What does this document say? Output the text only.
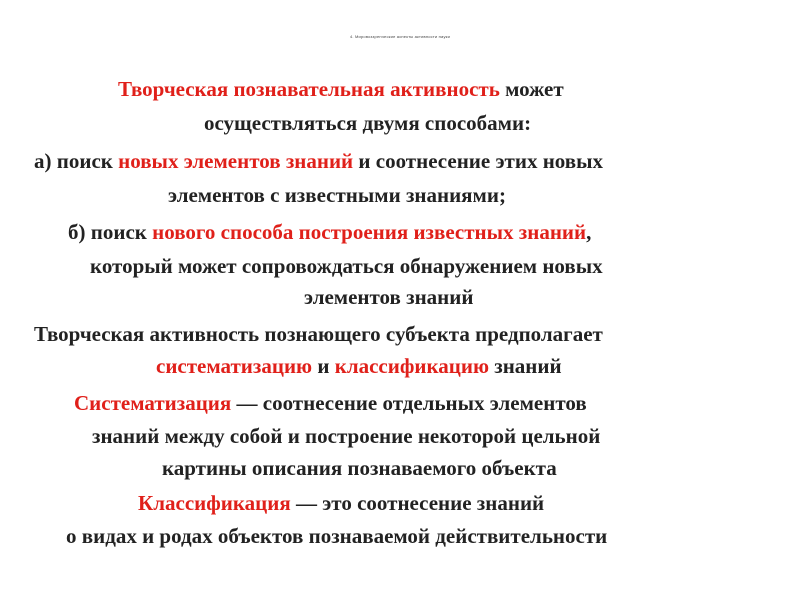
4. Мировоззренческие аспекты активности науки
Творческая познавательная активность может
осуществляться двумя способами:
а) поиск новых элементов знаний и соотнесение этих новых
элементов с известными знаниями;
б) поиск нового способа построения известных знаний,
который может сопровождаться обнаружением новых
элементов знаний
Творческая активность познающего субъекта предполагает
систематизацию и классификацию знаний
Систематизация — соотнесение отдельных элементов
знаний между собой и построение некоторой цельной
картины описания познаваемого объекта
Классификация — это соотнесение знаний
о видах и родах объектов познаваемой действительности
